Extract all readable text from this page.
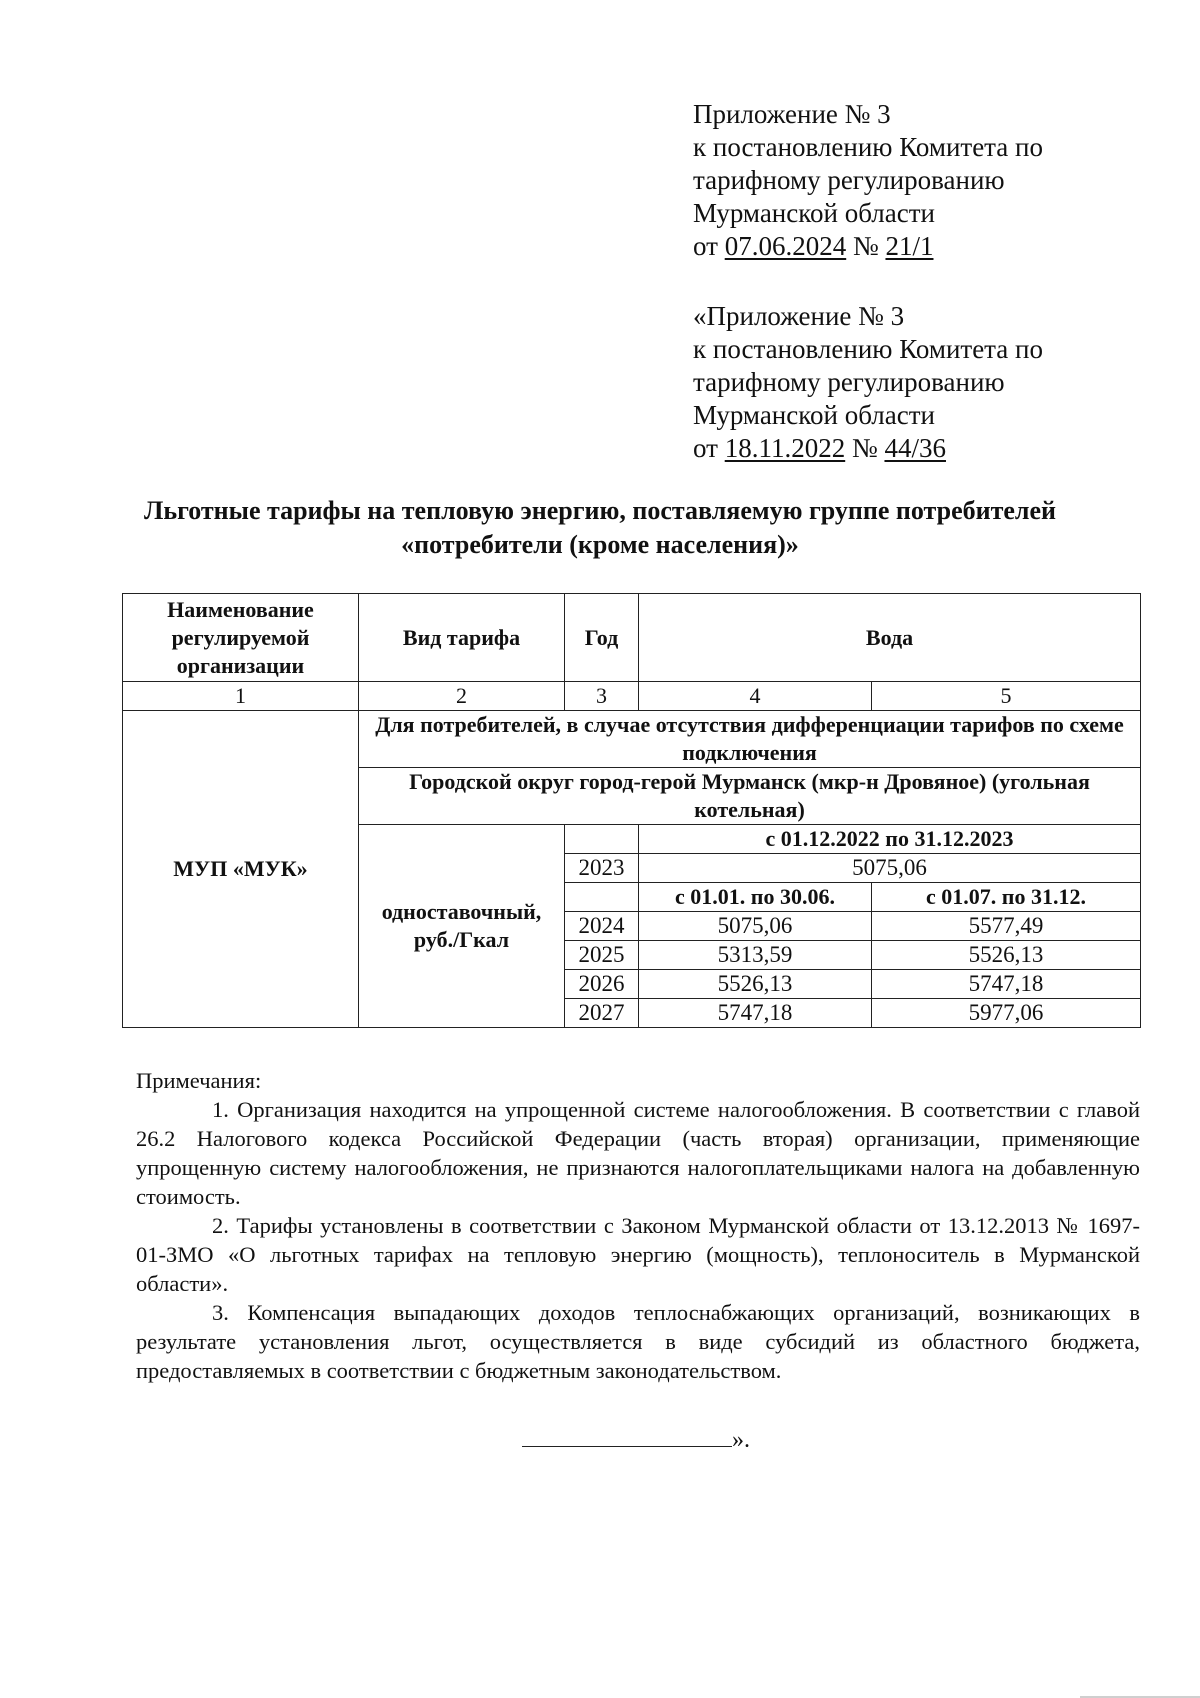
Приложение № 3
к постановлению Комитета по
тарифному регулированию
Мурманской области
от 07.06.2024 № 21/1
«Приложение № 3
к постановлению Комитета по
тарифному регулированию
Мурманской области
от 18.11.2022 № 44/36
Льготные тарифы на тепловую энергию, поставляемую группе потребителей «потребители (кроме населения)»
Наименование регулируемой организации	Вид тарифа	Год	Вода	
1	2	3	4	5
МУП «МУК»	Для потребителей, в случае отсутствия дифференциации тарифов по схеме подключения			
	Городской округ город-герой Мурманск (мкр-н Дровяное) (угольная котельная)			
	одноставочный, руб./Гкал		с 01.12.2022 по 31.12.2023	
		2023	5075,06	
			с 01.01. по 30.06.	с 01.07. по 31.12.
		2024	5075,06	5577,49
		2025	5313,59	5526,13
		2026	5526,13	5747,18
		2027	5747,18	5977,06

Примечания:

1. Организация находится на упрощенной системе налогообложения. В соответствии с главой 26.2 Налогового кодекса Российской Федерации (часть вторая) организации, применяющие упрощенную систему налогообложения, не признаются налогоплательщиками налога на добавленную стоимость.

2. Тарифы установлены в соответствии с Законом Мурманской области от 13.12.2013 № 1697-01-ЗМО «О льготных тарифах на тепловую энергию (мощность), теплоноситель в Мурманской области».

3. Компенсация выпадающих доходов теплоснабжающих организаций, возникающих в результате установления льгот, осуществляется в виде субсидий из областного бюджета, предоставляемых в соответствии с бюджетным законодательством.

».
